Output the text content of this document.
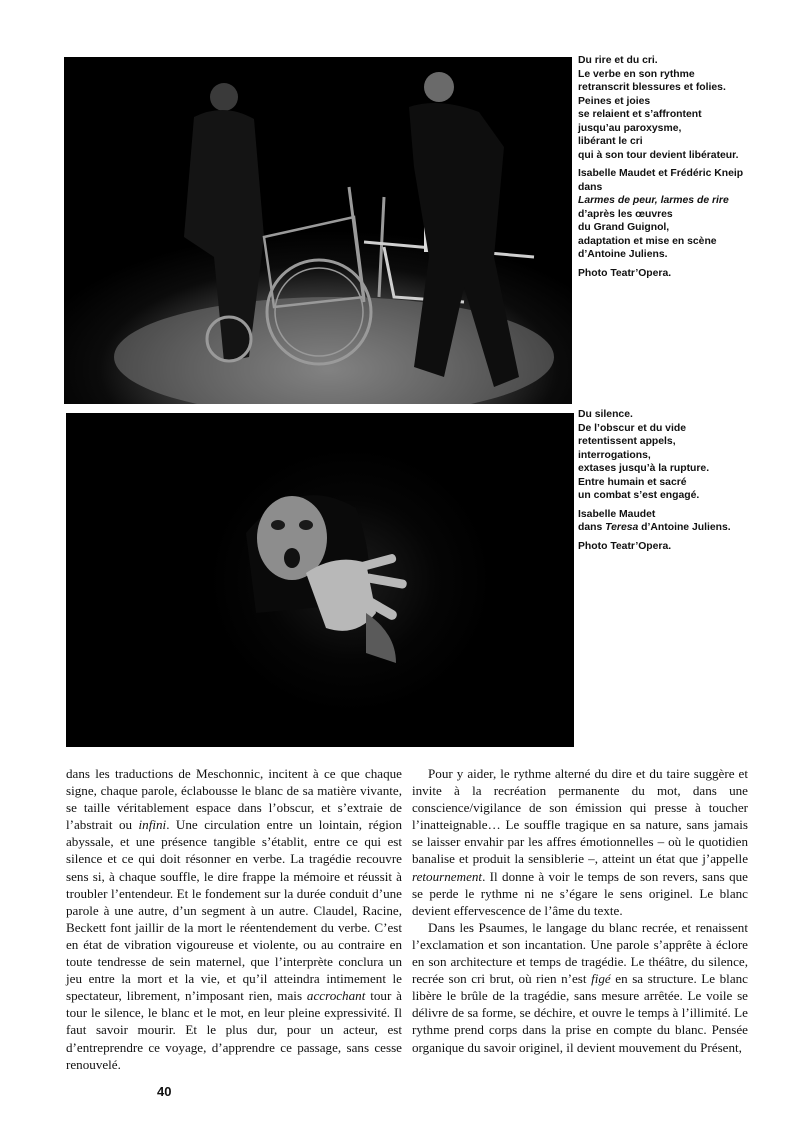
Du rire et du cri.
Le verbe en son rythme
retranscrit blessures et folies.
Peines et joies
se relaient et s’affrontent
jusqu’au paroxysme,
libérant le cri
qui à son tour devient libérateur.

Isabelle Maudet et Frédéric Kneip
dans
Larmes de peur, larmes de rire
d’après les œuvres
du Grand Guignol,
adaptation et mise en scène
d’Antoine Juliens.

Photo Teatr’Opera.

Du silence.
De l’obscur et du vide
retentissent appels,
interrogations,
extases jusqu’à la rupture.
Entre humain et sacré
un combat s’est engagé.

Isabelle Maudet
dans Teresa d’Antoine Juliens.

Photo Teatr’Opera.

dans les traductions de Meschonnic, incitent à ce que chaque signe, chaque parole, éclabousse le blanc de sa matière vivante, se taille véritablement espace dans l’obscur, et s’extraie de l’abstrait ou infini. Une circulation entre un lointain, région abyssale, et une présence tangible s’établit, entre ce qui est silence et ce qui doit résonner en verbe. La tragédie recouvre sens si, à chaque souffle, le dire frappe la mémoire et réussit à troubler l’entendeur. Et le fondement sur la durée conduit d’une parole à une autre, d’un segment à un autre. Claudel, Racine, Beckett font jaillir de la mort le réentendement du verbe. C’est en état de vibration vigoureuse et violente, ou au contraire en toute tendresse de sein maternel, que l’interprète conclura un jeu entre la mort et la vie, et qu’il atteindra intimement le spectateur, librement, n’imposant rien, mais accrochant tour à tour le silence, le blanc et le mot, en leur pleine expressivité. Il faut savoir mourir. Et le plus dur, pour un acteur, est d’entreprendre ce voyage, d’apprendre ce passage, sans cesse renouvelé.

Pour y aider, le rythme alterné du dire et du taire suggère et invite à la recréation permanente du mot, dans une conscience/vigilance de son émission qui presse à toucher l’inatteignable… Le souffle tragique en sa nature, sans jamais se laisser envahir par les affres émotionnelles – où le quotidien banalise et produit la sensiblerie –, atteint un état que j’appelle retournement. Il donne à voir le temps de son revers, sans que se perde le rythme ni ne s’égare le sens originel. Le blanc devient effervescence de l’âme du texte.

Dans les Psaumes, le langage du blanc recrée, et renaissent l’exclamation et son incantation. Une parole s’apprête à éclore en son architecture et temps de tragédie. Le théâtre, du silence, recrée son cri brut, où rien n’est figé en sa structure. Le blanc libère le brûle de la tragédie, sans mesure arrêtée. Le voile se délivre de sa forme, se déchire, et ouvre le temps à l’illimité. Le rythme prend corps dans la prise en compte du blanc. Pensée organique du savoir originel, il devient mouvement du Présent,

40
